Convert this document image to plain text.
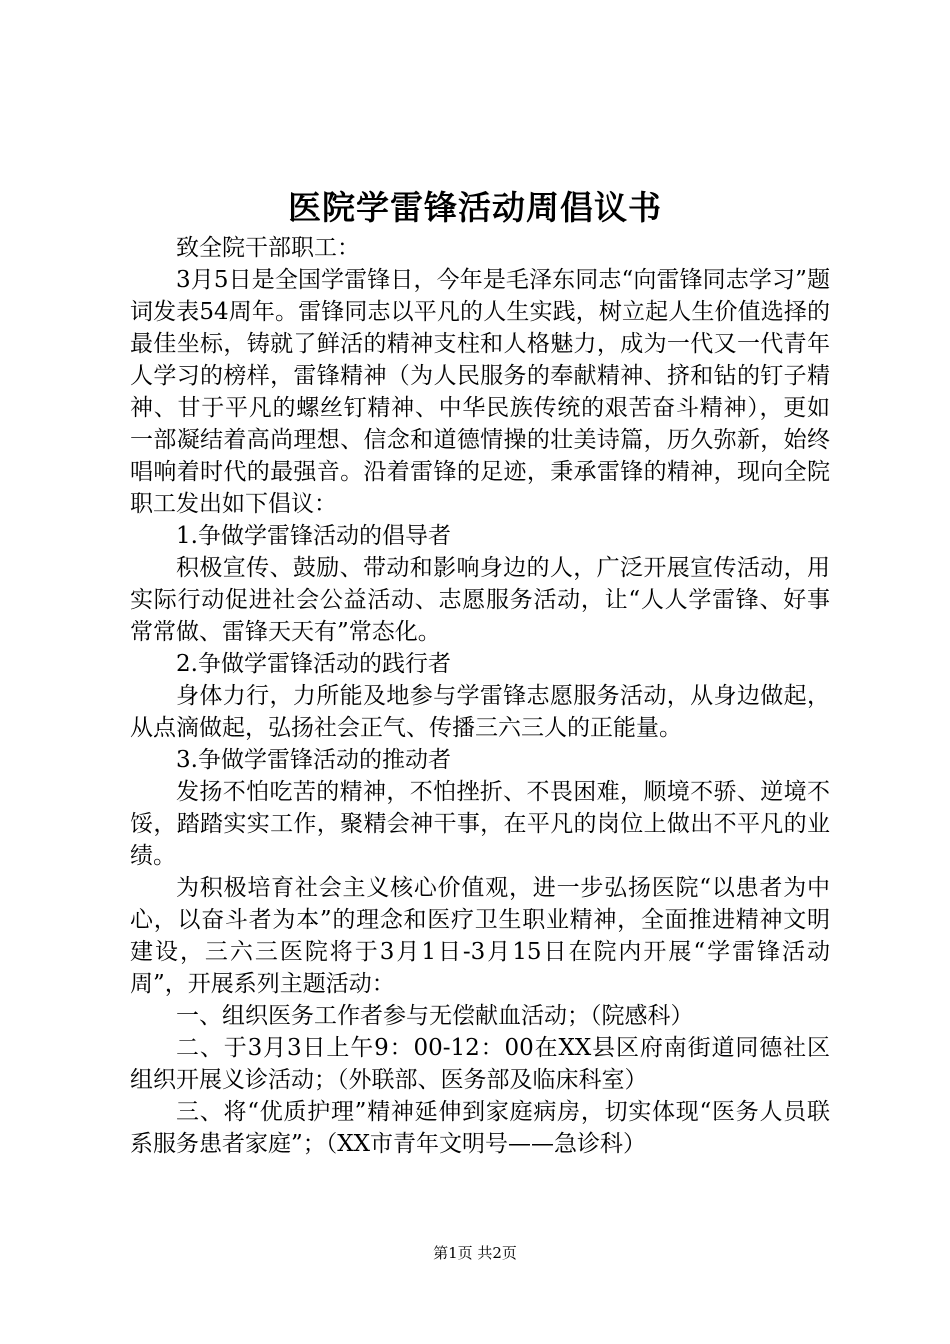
医院学雷锋活动周倡议书

致全院干部职工：

3月5日是全国学雷锋日，今年是毛泽东同志“向雷锋同志学习”题词发表54周年。雷锋同志以平凡的人生实践，树立起人生价值选择的最佳坐标，铸就了鲜活的精神支柱和人格魅力，成为一代又一代青年人学习的榜样，雷锋精神（为人民服务的奉献精神、挤和钻的钉子精神、甘于平凡的螺丝钉精神、中华民族传统的艰苦奋斗精神），更如一部凝结着高尚理想、信念和道德情操的壮美诗篇，历久弥新，始终唱响着时代的最强音。沿着雷锋的足迹，秉承雷锋的精神，现向全院职工发出如下倡议：

1.争做学雷锋活动的倡导者

积极宣传、鼓励、带动和影响身边的人，广泛开展宣传活动，用实际行动促进社会公益活动、志愿服务活动，让“人人学雷锋、好事常常做、雷锋天天有”常态化。

2.争做学雷锋活动的践行者

身体力行，力所能及地参与学雷锋志愿服务活动，从身边做起，从点滴做起，弘扬社会正气、传播三六三人的正能量。

3.争做学雷锋活动的推动者

发扬不怕吃苦的精神，不怕挫折、不畏困难，顺境不骄、逆境不馁，踏踏实实工作，聚精会神干事，在平凡的岗位上做出不平凡的业绩。

为积极培育社会主义核心价值观，进一步弘扬医院“以患者为中心，以奋斗者为本”的理念和医疗卫生职业精神，全面推进精神文明建设，三六三医院将于3月1日-3月15日在院内开展“学雷锋活动周”，开展系列主题活动：

一、组织医务工作者参与无偿献血活动；（院感科）

二、于3月3日上午9：00-12：00在XX县区府南街道同德社区组织开展义诊活动；（外联部、医务部及临床科室）

三、将“优质护理”精神延伸到家庭病房，切实体现“医务人员联系服务患者家庭”；（XX市青年文明号——急诊科）

第1页 共2页
